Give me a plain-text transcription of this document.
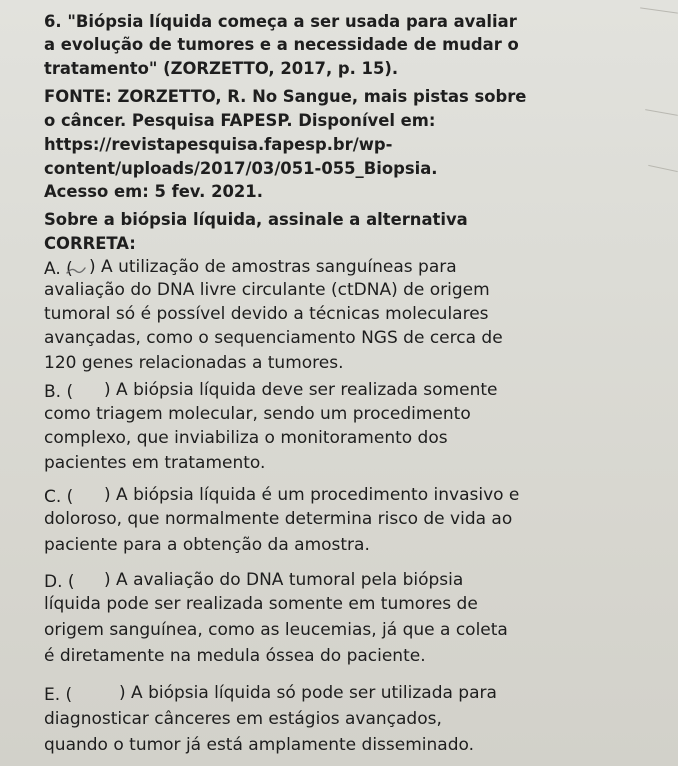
6. "Biópsia líquida começa a ser usada para avaliar
a evolução de tumores e a necessidade de mudar o
tratamento" (ZORZETTO, 2017, p. 15).
FONTE: ZORZETTO, R. No Sangue, mais pistas sobre
o câncer. Pesquisa FAPESP. Disponível em:
https://revistapesquisa.fapesp.br/wp-
content/uploads/2017/03/051-055_Biopsia.
Acesso em: 5 fev. 2021.
Sobre a biópsia líquida, assinale a alternativa
CORRETA:
A. ( ) A utilização de amostras sanguíneas para
avaliação do DNA livre circulante (ctDNA) de origem
tumoral só é possível devido a técnicas moleculares
avançadas, como o sequenciamento NGS de cerca de
120 genes relacionadas a tumores.
B. ( ) A biópsia líquida deve ser realizada somente
como triagem molecular, sendo um procedimento
complexo, que inviabiliza o monitoramento dos
pacientes em tratamento.
C. ( ) A biópsia líquida é um procedimento invasivo e
doloroso, que normalmente determina risco de vida ao
paciente para a obtenção da amostra.
D. ( ) A avaliação do DNA tumoral pela biópsia
líquida pode ser realizada somente em tumores de
origem sanguínea, como as leucemias, já que a coleta
é diretamente na medula óssea do paciente.
E. (	) A biópsia líquida só pode ser utilizada para
diagnosticar cânceres em estágios avançados,
quando o tumor já está amplamente disseminado.
